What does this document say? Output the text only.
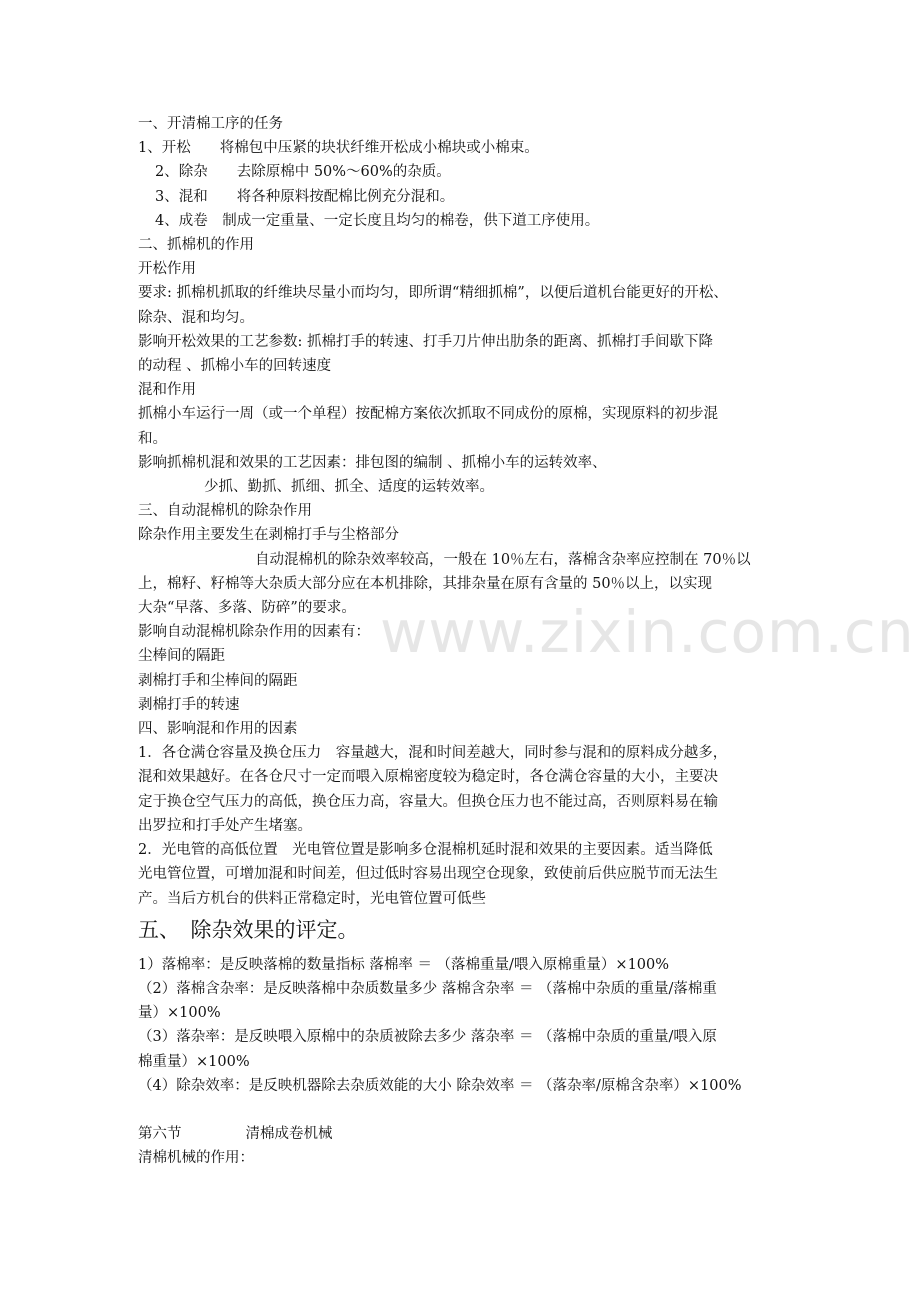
www.zixin.com.cn
一、开清棉工序的任务
1、开松　　将棉包中压紧的块状纤维开松成小棉块或小棉束。
2、除杂　　去除原棉中 50%～60%的杂质。
3、混和　　将各种原料按配棉比例充分混和。
4、成卷　制成一定重量、一定长度且均匀的棉卷，供下道工序使用。
二、抓棉机的作用
开松作用
要求: 抓棉机抓取的纤维块尽量小而均匀，即所谓“精细抓棉”，以便后道机台能更好的开松、
除杂、混和均匀。
影响开松效果的工艺参数: 抓棉打手的转速、打手刀片伸出肋条的距离、抓棉打手间歇下降
的动程 、抓棉小车的回转速度
混和作用
抓棉小车运行一周（或一个单程）按配棉方案依次抓取不同成份的原棉，实现原料的初步混
和。
影响抓棉机混和效果的工艺因素：排包图的编制 、抓棉小车的运转效率、
少抓、勤抓、抓细、抓全、适度的运转效率。
三、自动混棉机的除杂作用
除杂作用主要发生在剥棉打手与尘格部分
自动混棉机的除杂效率较高，一般在 10％左右，落棉含杂率应控制在 70％以
上，棉籽、籽棉等大杂质大部分应在本机排除，其排杂量在原有含量的 50％以上，以实现
大杂“早落、多落、防碎”的要求。
影响自动混棉机除杂作用的因素有：
尘棒间的隔距
剥棉打手和尘棒间的隔距
剥棉打手的转速
四、影响混和作用的因素
1．各仓满仓容量及换仓压力　容量越大，混和时间差越大，同时参与混和的原料成分越多，
混和效果越好。在各仓尺寸一定而喂入原棉密度较为稳定时，各仓满仓容量的大小，主要决
定于换仓空气压力的高低，换仓压力高，容量大。但换仓压力也不能过高，否则原料易在输
出罗拉和打手处产生堵塞。
2．光电管的高低位置　光电管位置是影响多仓混棉机延时混和效果的主要因素。适当降低
光电管位置，可增加混和时间差，但过低时容易出现空仓现象，致使前后供应脱节而无法生
产。当后方机台的供料正常稳定时，光电管位置可低些
五、　除杂效果的评定。
1）落棉率：是反映落棉的数量指标 落棉率 ＝ （落棉重量/喂入原棉重量）×100%
（2）落棉含杂率：是反映落棉中杂质数量多少 落棉含杂率 ＝ （落棉中杂质的重量/落棉重
量）×100%
（3）落杂率：是反映喂入原棉中的杂质被除去多少 落杂率 ＝ （落棉中杂质的重量/喂入原
棉重量）×100%
（4）除杂效率：是反映机器除去杂质效能的大小 除杂效率 ＝ （落杂率/原棉含杂率）×100%
第六节	清棉成卷机械
清棉机械的作用：
